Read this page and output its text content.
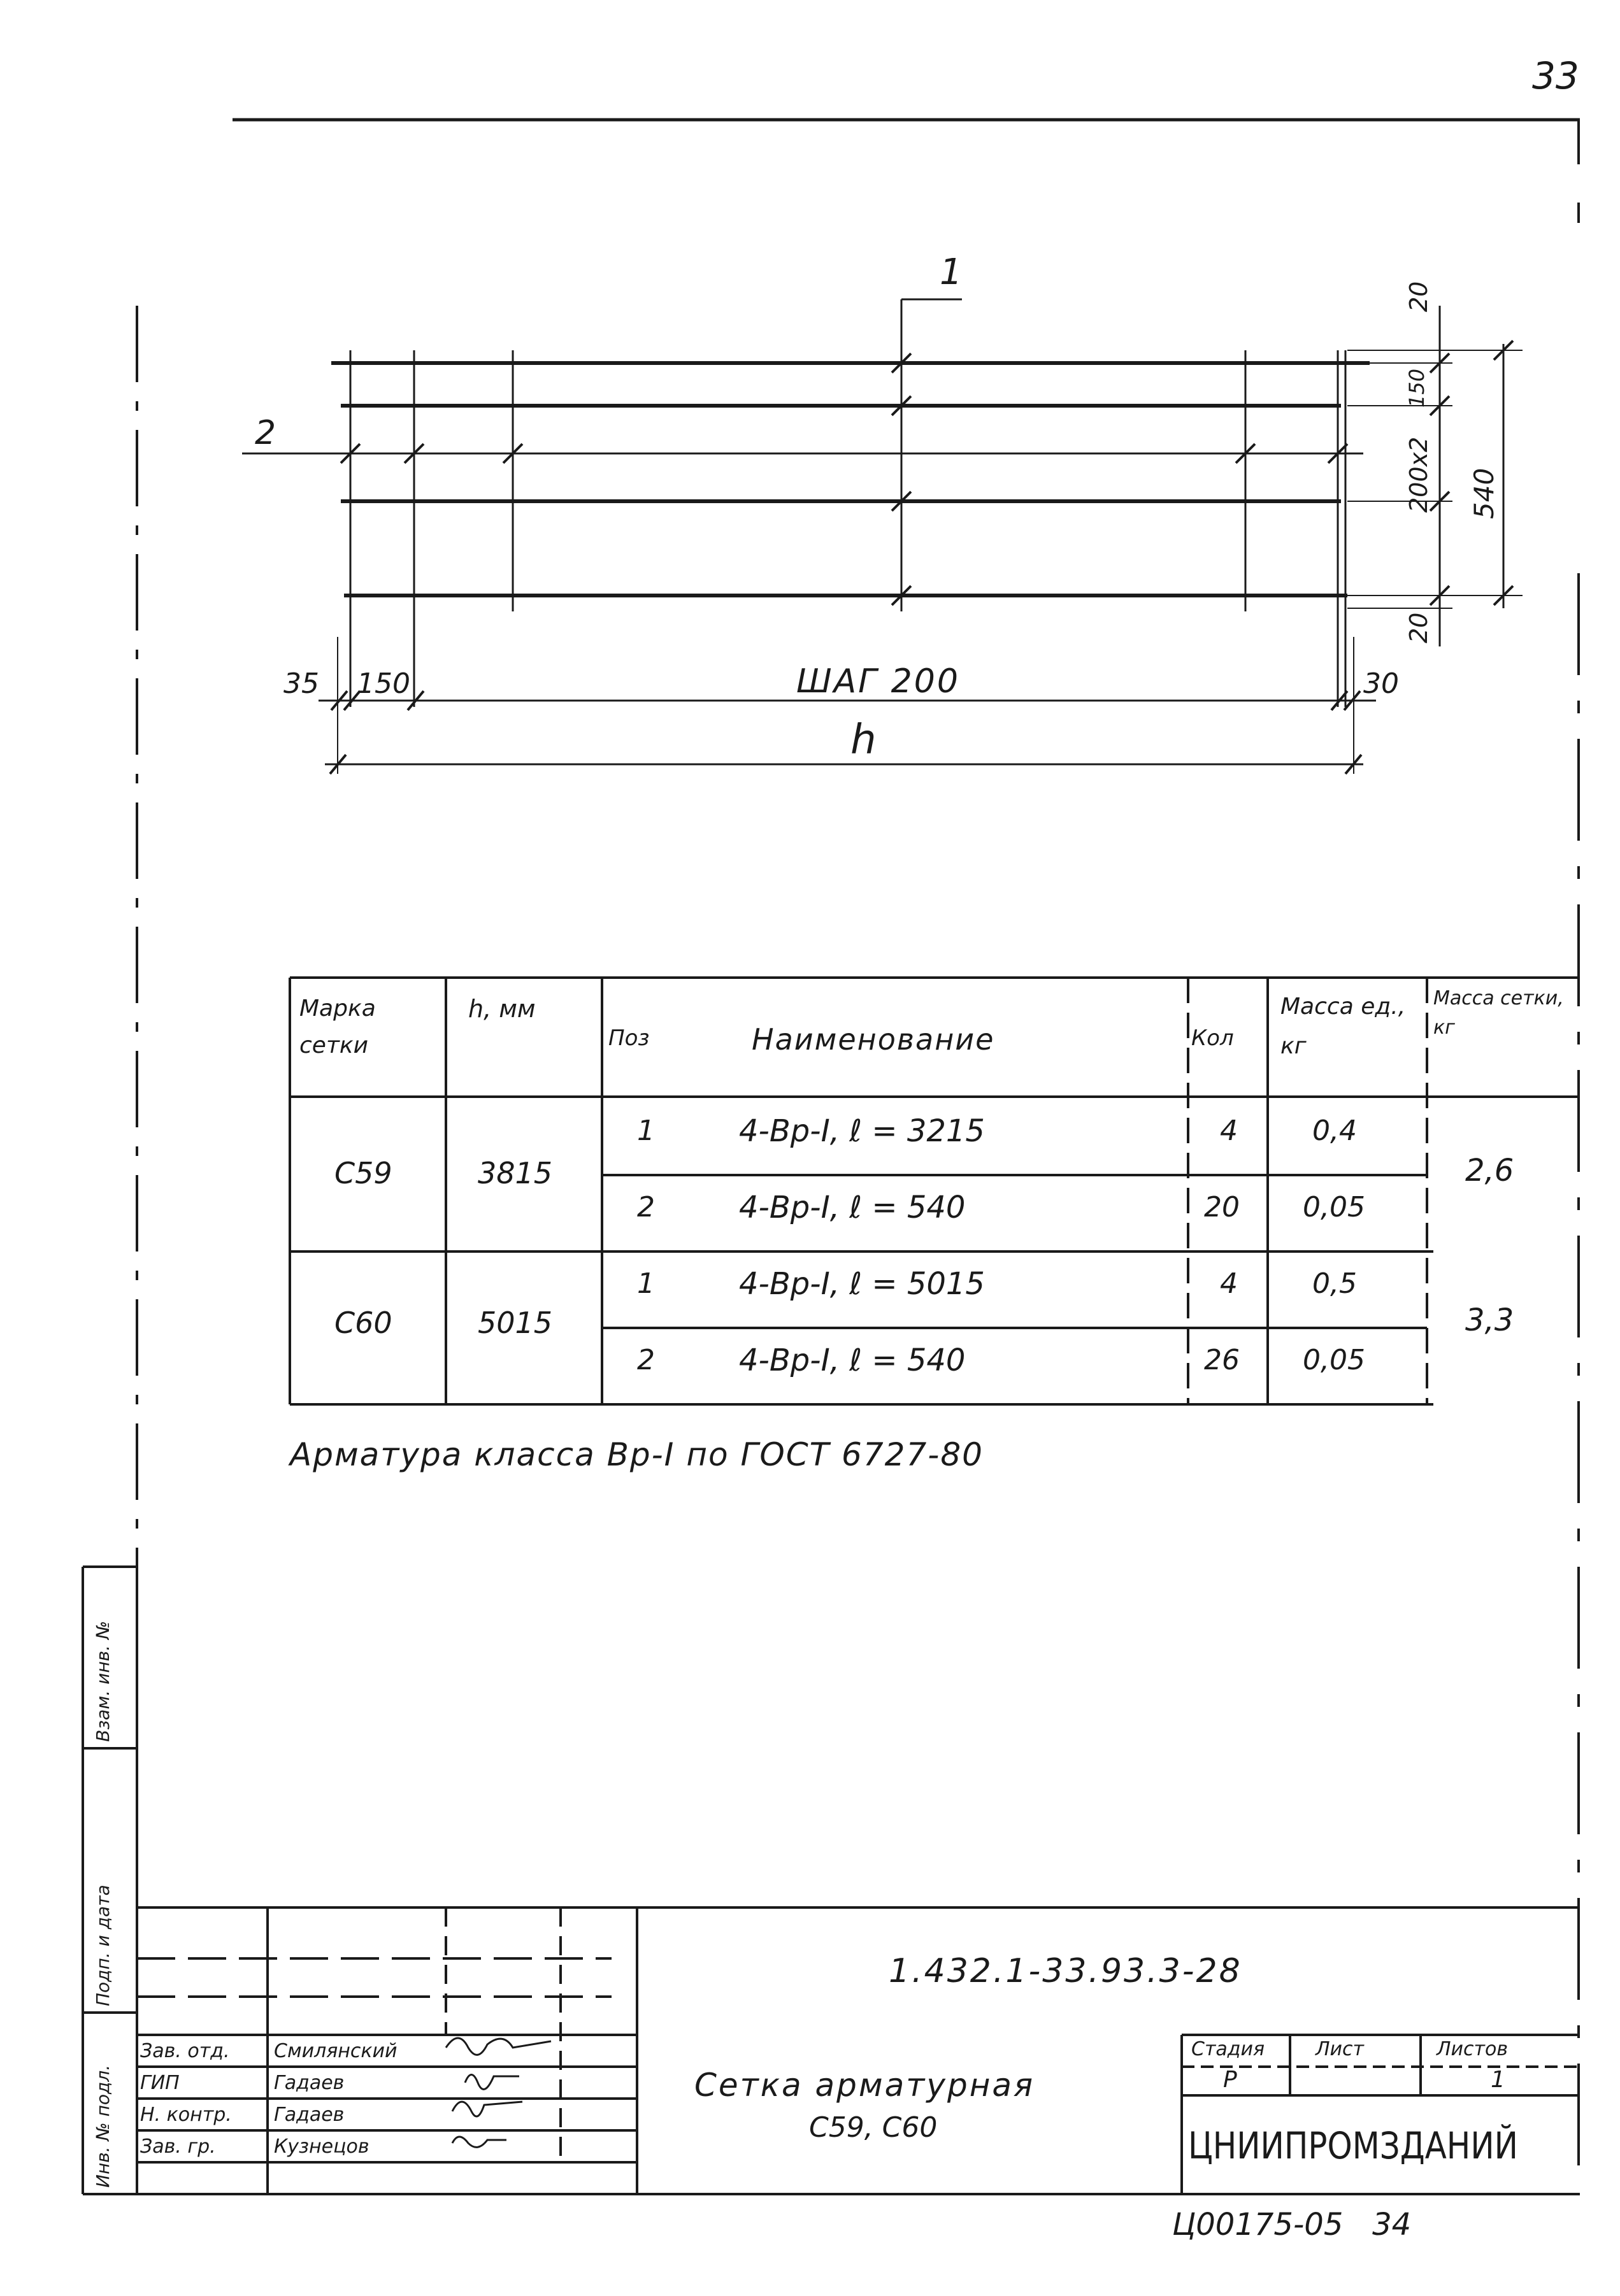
33
1
2
35 150	ШАГ 200	30
h
20
150
200x2 540
20
Марка сетки
h, мм
Поз	Наименование	Кол
Масса ед., кг
Масса сетки, кг
С59	3815
1	4-Вр-I, ℓ = 3215	4	0,4
2	4-Вр-I, ℓ = 540	20 0,05
2,6
С60	5015
1	4-Вр-I, ℓ = 5015	4	0,5
2	4-Вр-I, ℓ = 540	26 0,05
3,3
Арматура класса Вр-I по ГОСТ 6727-80
Взам. инв. №
Подп. и дата
Инв. № подл.
1.432.1-33.93.3-28
Зав. отд. Смилянский
ГИП	Гадаев
Н. контр. Гадаев
Зав. гр.	Кузнецов
Сетка арматурная
С59, С60
Стадия	Лист	Листов
Р	1
ЦНИИПРОМЗДАНИЙ
Ц00175-05   34
